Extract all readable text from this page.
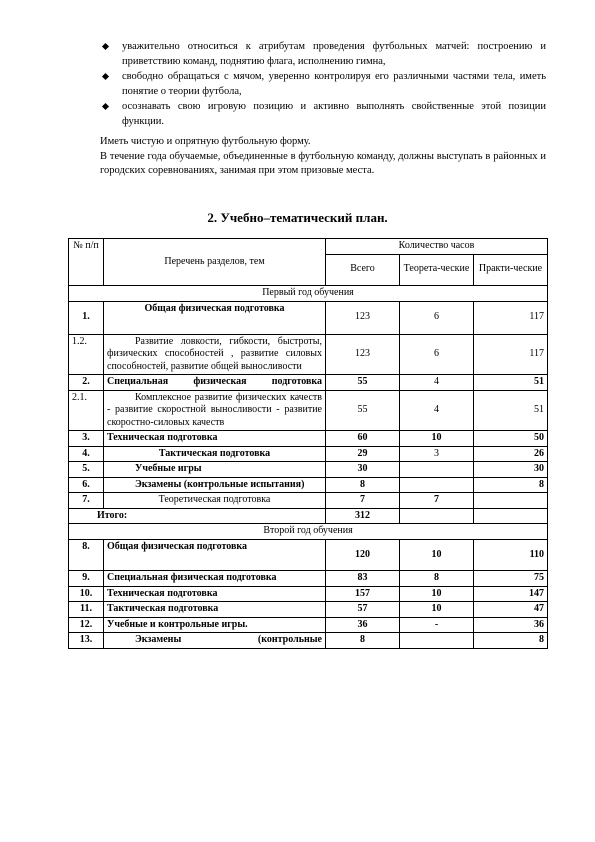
уважительно относиться к атрибутам проведения футбольных матчей: построению и приветствию команд, поднятию флага, исполнению гимна,
свободно обращаться с мячом, уверенно контролируя его различными частями тела, иметь понятие о теории футбола,
осознавать свою игровую позицию и активно выполнять свойственные этой позиции функции.
Иметь чистую и опрятную футбольную форму.
В течение года обучаемые, объединенные в футбольную команду, должны выступать в районных и городских соревнованиях, занимая при этом призовые места.
2. Учебно–тематический план.
№ п/п	Перечень разделов, тем	Количество часов		
		Всего	Теорета-ческие	Практи-ческие
Первый год обучения				
1.	Общая физическая подготовка	123	6	117
1.2.	Развитие ловкости, гибкости, быстроты, физических способностей , развитие силовых способностей, развитие общей выносливости	123	6	117
2.	Специальная физическая подготовка	55	4	51
2.1.	Комплексное развитие физических качеств - развитие скоростной выносливости - развитие скоростно-силовых качеств	55	4	51
3.	Техническая подготовка	60	10	50
4.	Тактическая подготовка	29	3	26
5.	Учебные игры	30		30
6.	Экзамены (контрольные испытания)	8		8
7.	Теоретическая подготовка	7	7	
Итого:		312		
Второй год обучения				
8.	Общая физическая подготовка	120	10	110
9.	Специальная физическая подготовка	83	8	75
10.	Техническая подготовка	157	10	147
11.	Тактическая подготовка	57	10	47
12.	Учебные и контрольные игры.	36	-	36
13.	Экзамены (контрольные	8		8
